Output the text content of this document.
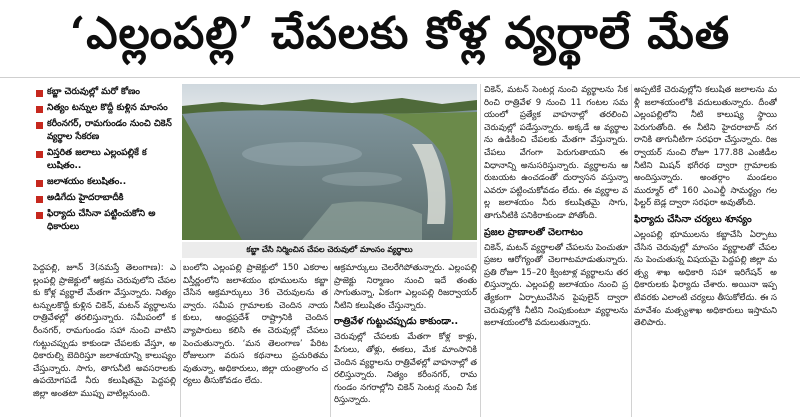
‘ఎల్లంపల్లి’ చేపలకు కోళ్ల వ్యర్థాలే మేత
కబ్జా చెరువుల్లో మరో కోణం
నిత్యం టన్నుల కొద్దీ కుళ్లిన మాంసం
కరీంనగర్, రామగుండం నుంచి చికెన్ వ్యర్థాల సేకరణ
విస్తరిత జలాలు ఎల్లంపల్లికే కలుషితం..
జలాశయం కలుషితం..
అడిగేదు హైదరాబాదీకి
ఫిర్యాదు చేసినా పట్టించుకోని అధికారులు
కబ్జా చేసి నిర్మించిన చేపల చెరువులో మాంసం వ్యర్థాలు
పెద్దపల్లి, జూన్ 3(నమస్తే తెలంగాణ): ఎల్లంపల్లి ప్రాజెక్టులో ఆక్రమ చెరువులోని చేపలకు కోళ్ల వ్యర్థాలే మేతగా వేస్తున్నారు. నిత్యం టన్నులకొద్దీ కుళ్లిన చికెన్, మటన్ వ్యర్థాలను రాత్రివేళల్లో తరలిస్తున్నారు. సమీపంలో కరీంనగర్, రామగుండం సహా నుంచి వాటిని గుట్టుచప్పుడు కాకుండా చేపలకు వేస్తూ, అధికారుల్ని బెదిరిస్తూ జలాశయాన్ని కాలుష్యం చేస్తున్నారు. సాగు, తాగునీటి అవసరాలకు ఉపయోగపడే నీరు కలుషితమై పెద్దపల్లి జిల్లా అంతటా ముప్పు వాటిల్లనుంది.
బంలోని ఎల్లంపల్లి ప్రాజెక్టులో 150 ఎకరాల విస్తీర్ణంలోని జలాశయం భూములను కబ్జా చేసిన ఆక్రమార్కులు 36 చెరువులను తవ్వారు. సమీప గ్రామాలకు చెందిన నాయకులు, ఆంధ్రప్రదేశ్ రాష్ట్రానికి చెందిన వ్యాపారులు కలిసి ఈ చెరువుల్లో చేపలు పెంచుతున్నారు. ‘మన తెలంగాణ’ పేరిట రోజులుగా వరుస కథనాలు ప్రచురితమవుతున్నా, అధికారులు, జిల్లా యంత్రాంగం చర్యలు తీసుకోవడం లేదు.
ఆక్రమార్కులు చెలరేగిపోతున్నారు. ఎల్లంపల్లి ప్రాజెక్టు నిర్మాణం నుంచి ఇదే తంతు సాగుతున్నా, ఏకంగా ఎల్లంపల్లి రిజర్వాయర్ నీటిని కలుషితం చేస్తున్నారు.
రాత్రివేళ గుట్టుచప్పుడు కాకుండా..
చెరువుల్లో చేపలకు మేతగా కోళ్ల కాళ్లు, పేగులు, తోళ్లు, ఈకలు, మేక మాంసానికి చెందిన వ్యర్థాలను రాత్రివేళల్లో వాహనాల్లో తరలిస్తున్నారు. నిత్యం కరీంనగర్, రామగుండం నగరాల్లోని చికెన్ సెంటర్ల నుంచి సేకరిస్తున్నారు.
చికెన్, మటన్ సెంటర్ల నుంచి వ్యర్థాలను సేకరించి రాత్రివేళ 9 నుంచి 11 గంటల సమయంలో ప్రత్యేక వాహనాల్లో తరలించి చెరువుల్లో పడేస్తున్నారు. అక్కడే ఆ వ్యర్థాలను ఉడికించి చేపలకు మేతగా వేస్తున్నారు. చేపలు వేగంగా పెరుగుతాయని ఈ విధానాన్ని అనుసరిస్తున్నారు. వ్యర్థాలను ఆరుబయట ఉంచడంతో దుర్వాసన వస్తున్నా ఎవరూ పట్టించుకోవడం లేదు. ఈ వ్యర్థాల వల్ల జలాశయం నీరు కలుషితమై సాగు, తాగునీటికి పనికిరాకుండా పోతోంది.
ప్రజల ప్రాణాలతో చెలగాటం
చికెన్, మటన్ వ్యర్థాలతో చేపలను పెంచుతూ ప్రజల ఆరోగ్యంతో చెలగాటమాడుతున్నారు. ప్రతి రోజూ 15–20 క్వింటాళ్ల వ్యర్థాలను తరలిస్తున్నారు. ఎల్లంపల్లి జలాశయం నుంచి ప్రత్యేకంగా ఏర్పాటుచేసిన పైపులైన్ ద్వారా చెరువుల్లోకి నీటిని నింపుకుంటూ వ్యర్థాలను జలాశయంలోకి వదులుతున్నారు.
అప్పటికే చెరువుల్లోని కలుషిత జలాలను మళ్లీ జలాశయంలోకి వదులుతున్నారు. దీంతో ఎల్లంపల్లిలోని నీటి కాలుష్య స్థాయి పెరుగుతోంది. ఈ నీటిని హైదరాబాద్ నగరానికి తాగునీటిగా సరఫరా చేస్తున్నారు. రిజర్వాయర్ నుంచి రోజూ 177.88 ఎంజీడీల నీటిని మిషన్ భగీరథ ద్వారా గ్రామాలకు అందిస్తున్నారు. అంతర్గాం మండలం ముర్మూర్ లో 160 ఎంఎల్డీ సామర్థ్యం గల ఫిల్టర్ బెడ్ల ద్వారా సరఫరా అవుతోంది.
ఫిర్యాదు చేసినా చర్యలు శూన్యం
ఎల్లంపల్లి భూములను కబ్జాచేసి ఏర్పాటు చేసిన చెరువుల్లో మాంసం వ్యర్థాలతో చేపలను పెంచుతున్న విషయమై పెద్దపల్లి జిల్లా మత్స్య శాఖ అధికారి సహా ఇరిగేషన్ అధికారులకు ఫిర్యాదు చేశారు. అయినా ఇప్పటివరకు ఎలాంటి చర్యలు తీసుకోలేదు. ఈ సమావేశం మత్స్యశాఖ అధికారులు ఇస్తామని తెలిపారు.
